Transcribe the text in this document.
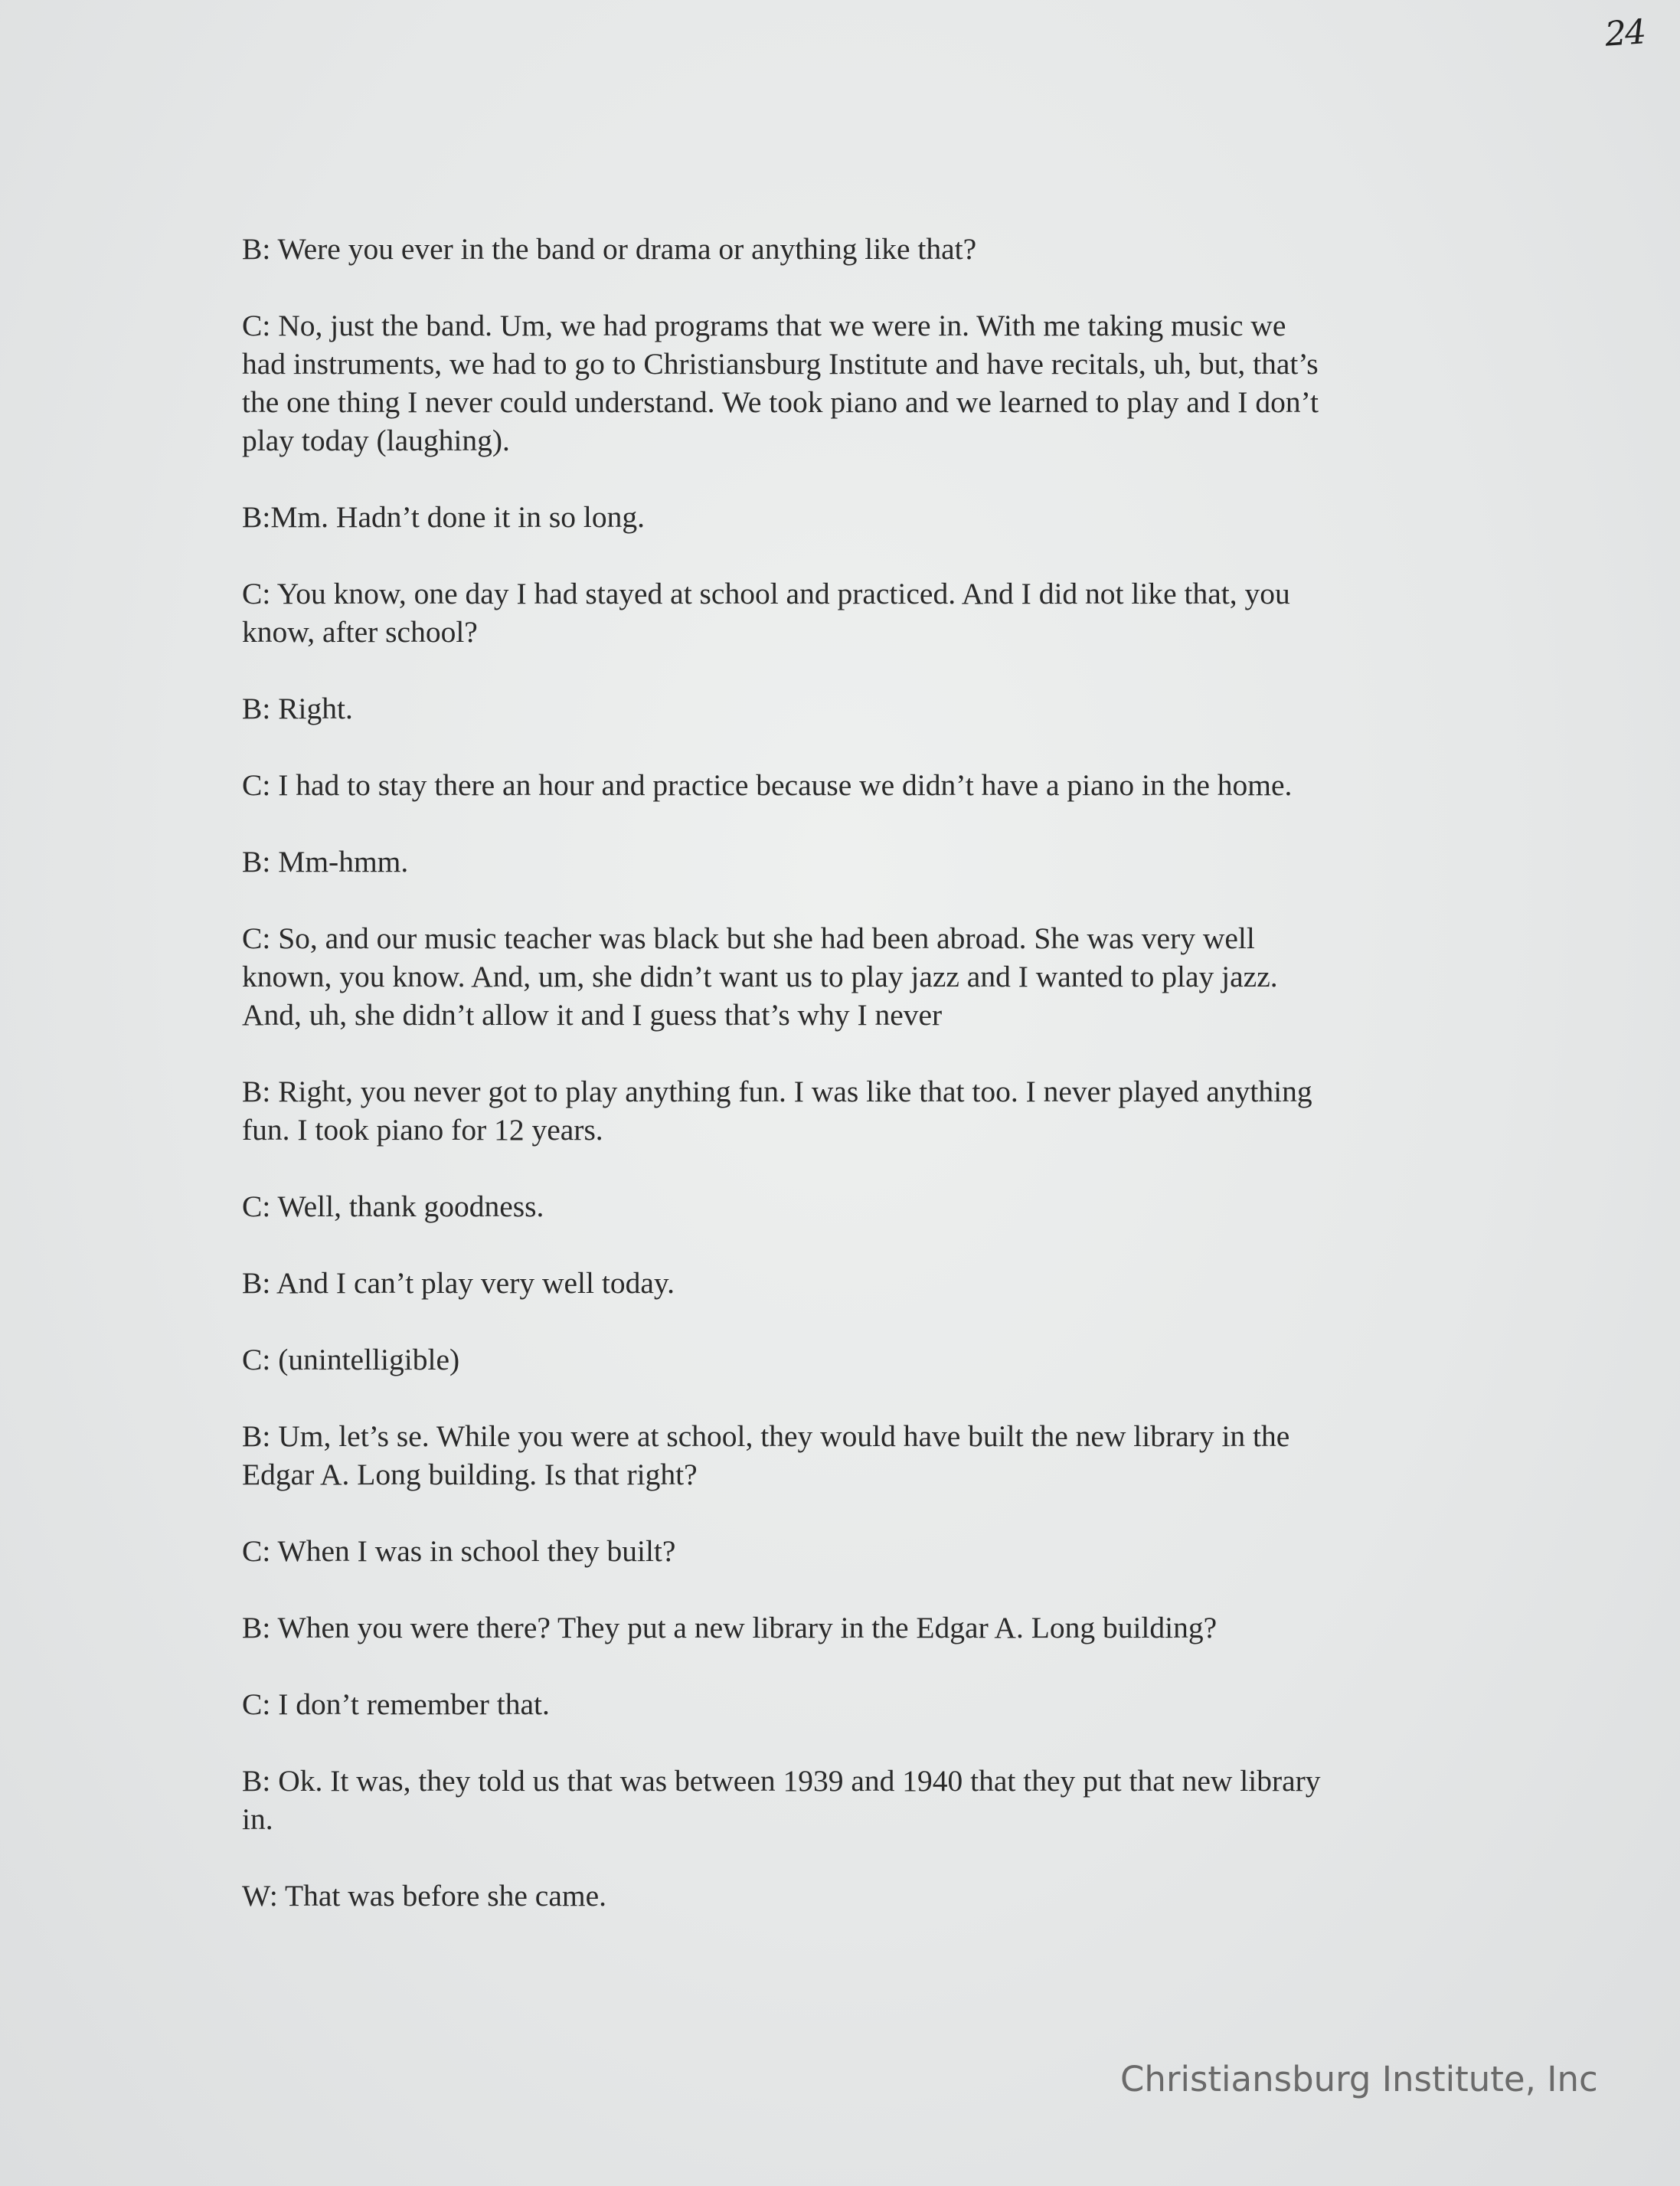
24

B: Were you ever in the band or drama or anything like that?

C: No, just the band. Um, we had programs that we were in. With me taking music we
had instruments, we had to go to Christiansburg Institute and have recitals, uh, but, that’s
the one thing I never could understand. We took piano and we learned to play and I don’t
play today (laughing).

B:Mm. Hadn’t done it in so long.

C: You know, one day I had stayed at school and practiced. And I did not like that, you
know, after school?

B: Right.

C: I had to stay there an hour and practice because we didn’t have a piano in the home.

B: Mm-hmm.

C: So, and our music teacher was black but she had been abroad. She was very well
known, you know. And, um, she didn’t want us to play jazz and I wanted to play jazz.
And, uh, she didn’t allow it and I guess that’s why I never

B: Right, you never got to play anything fun. I was like that too. I never played anything
fun. I took piano for 12 years.

C: Well, thank goodness.

B: And I can’t play very well today.

C: (unintelligible)

B: Um, let’s se. While you were at school, they would have built the new library in the
Edgar A. Long building. Is that right?

C: When I was in school they built?

B: When you were there? They put a new library in the Edgar A. Long building?

C: I don’t remember that.

B: Ok. It was, they told us that was between 1939 and 1940 that they put that new library
in.

W: That was before she came.

Christiansburg Institute, Inc
